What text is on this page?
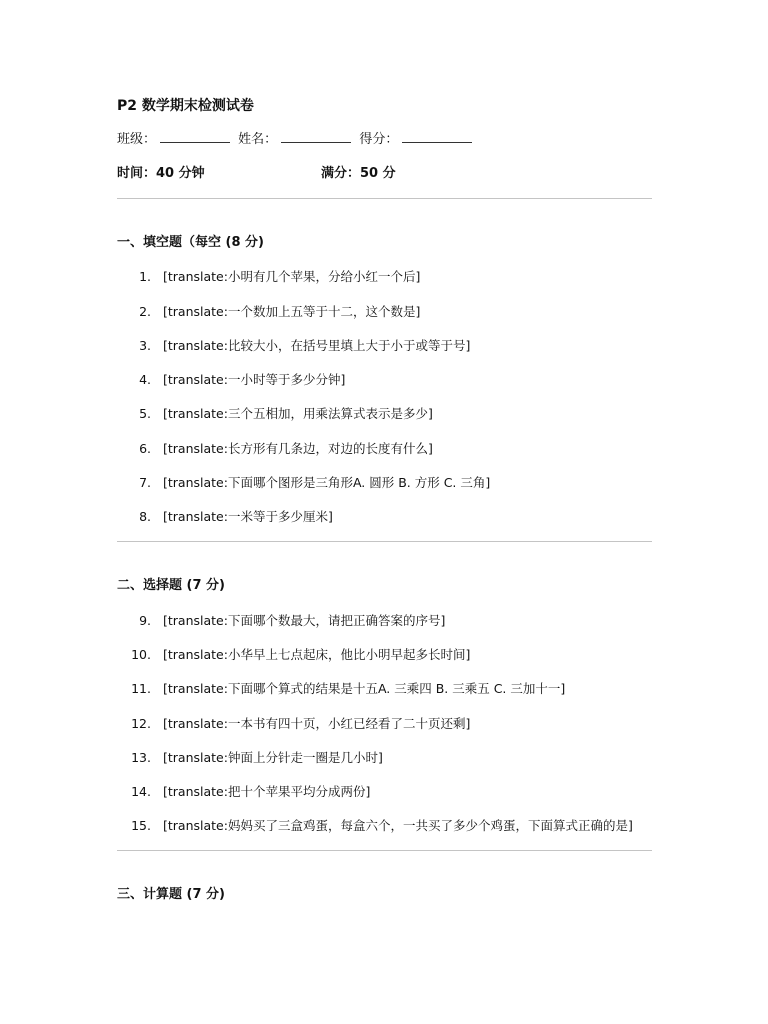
P2 数学期末检测试卷
班级：	姓名：	得分：
时间：40 分钟	满分：50 分
一、填空题（每空 (8 分)
1. [translate:小明有几个苹果，分给小红一个后]
2. [translate:一个数加上五等于十二，这个数是]
3. [translate:比较大小，在括号里填上大于小于或等于号]
4. [translate:一小时等于多少分钟]
5. [translate:三个五相加，用乘法算式表示是多少]
6. [translate:长方形有几条边，对边的长度有什么]
7. [translate:下面哪个图形是三角形A. 圆形 B. 方形 C. 三角]
8. [translate:一米等于多少厘米]
二、选择题 (7 分)
9. [translate:下面哪个数最大，请把正确答案的序号]
10. [translate:小华早上七点起床，他比小明早起多长时间]
11. [translate:下面哪个算式的结果是十五A. 三乘四 B. 三乘五 C. 三加十一]
12. [translate:一本书有四十页，小红已经看了二十页还剩]
13. [translate:钟面上分针走一圈是几小时]
14. [translate:把十个苹果平均分成两份]
15. [translate:妈妈买了三盒鸡蛋，每盒六个，一共买了多少个鸡蛋，下面算式正确的是]
三、计算题 (7 分)
